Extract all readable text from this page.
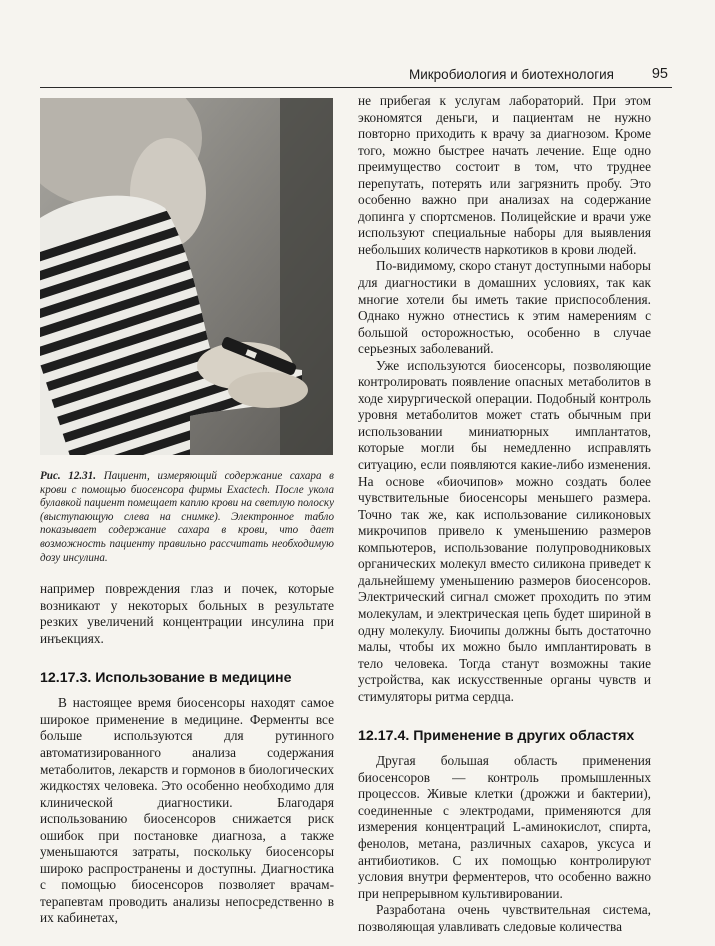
Микробиология и биотехнология	95

Рис. 12.31. Пациент, измеряющий содержание сахара в крови с помощью биосенсора фирмы Exactech. После укола булавкой пациент помещает каплю крови на светлую полоску (выступающую слева на снимке). Электронное табло показывает содержание сахара в крови, что дает возможность пациенту правильно рассчитать необходимую дозу инсулина.

например повреждения глаз и почек, которые возникают у некоторых больных в результате резких увеличений концентрации инсулина при инъекциях.

12.17.3. Использование в медицине

В настоящее время биосенсоры находят самое широкое применение в медицине. Ферменты все больше используются для рутинного автоматизированного анализа содержания метаболитов, лекарств и гормонов в биологических жидкостях человека. Это особенно необходимо для клинической диагностики. Благодаря использованию биосенсоров снижается риск ошибок при постановке диагноза, а также уменьшаются затраты, поскольку биосенсоры широко распространены и доступны. Диагностика с помощью биосенсоров позволяет врачам-терапевтам проводить анализы непосредственно в их кабинетах,

не прибегая к услугам лабораторий. При этом экономятся деньги, и пациентам не нужно повторно приходить к врачу за диагнозом. Кроме того, можно быстрее начать лечение. Еще одно преимущество состоит в том, что труднее перепутать, потерять или загрязнить пробу. Это особенно важно при анализах на содержание допинга у спортсменов. Полицейские и врачи уже используют специальные наборы для выявления небольших количеств наркотиков в крови людей.

По-видимому, скоро станут доступными наборы для диагностики в домашних условиях, так как многие хотели бы иметь такие приспособления. Однако нужно отнестись к этим намерениям с большой осторожностью, особенно в случае серьезных заболеваний.

Уже используются биосенсоры, позволяющие контролировать появление опасных метаболитов в ходе хирургической операции. Подобный контроль уровня метаболитов может стать обычным при использовании миниатюрных имплантатов, которые могли бы немедленно исправлять ситуацию, если появляются какие-либо изменения. На основе «биочипов» можно создать более чувствительные биосенсоры меньшего размера. Точно так же, как использование силиконовых микрочипов привело к уменьшению размеров компьютеров, использование полупроводниковых органических молекул вместо силикона приведет к дальнейшему уменьшению размеров биосенсоров. Электрический сигнал сможет проходить по этим молекулам, и электрическая цепь будет шириной в одну молекулу. Биочипы должны быть достаточно малы, чтобы их можно было имплантировать в тело человека. Тогда станут возможны такие устройства, как искусственные органы чувств и стимуляторы ритма сердца.

12.17.4. Применение в других областях

Другая большая область применения биосенсоров — контроль промышленных процессов. Живые клетки (дрожжи и бактерии), соединенные с электродами, применяются для измерения концентраций L-аминокислот, спирта, фенолов, метана, различных сахаров, уксуса и антибиотиков. С их помощью контролируют условия внутри ферментеров, что особенно важно при непрерывном культивировании.

Разработана очень чувствительная система, позволяющая улавливать следовые количества
